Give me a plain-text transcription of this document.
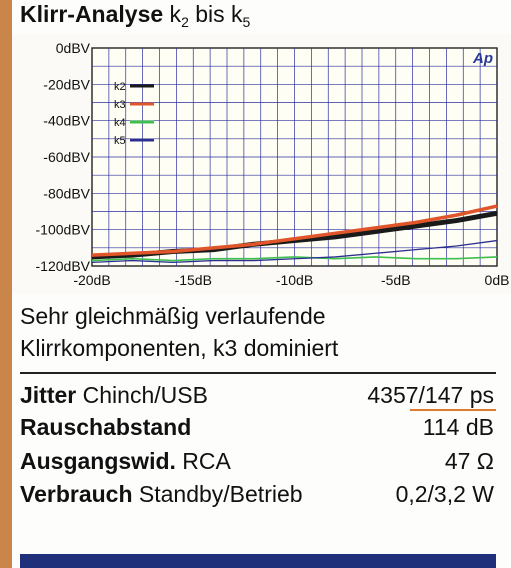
Klirr-Analyse $k_2$ bis $k_5$
0dBV
-20dBV
-40dBV
-60dBV
-80dBV
-100dBV
-120dBV
-20dB	-15dB	-10dB	-5dB	0dB
Ap
k2
k3
k4
k5
Sehr gleichmäßig verlaufende Klirrkomponenten, k3 dominiert
Jitter Chinch/USB	4357/147 ps
Rauschabstand	114 dB
Ausgangswid. RCA	47 Ω
Verbrauch Standby/Betrieb	0,2/3,2 W
